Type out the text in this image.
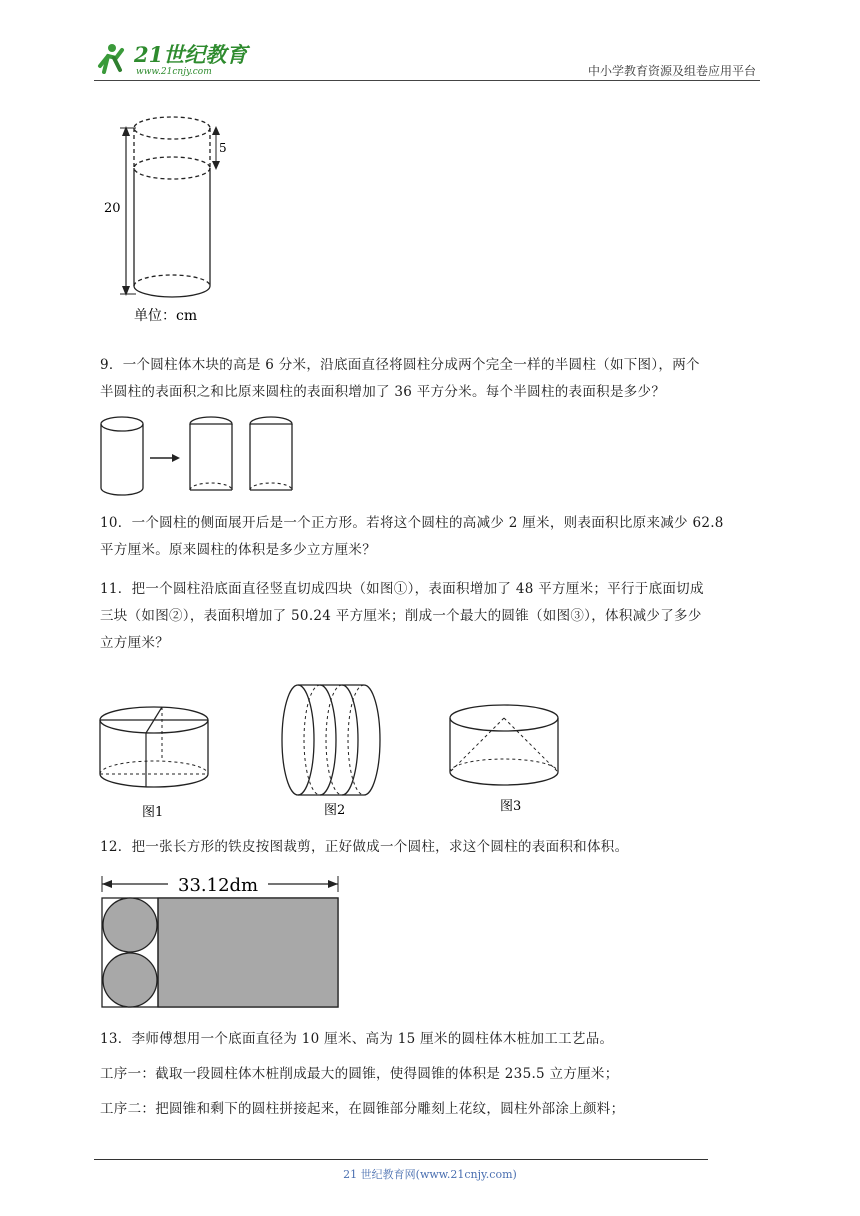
21世纪教育
www.21cnjy.com	中小学教育资源及组卷应用平台
20
5
单位：cm
9．一个圆柱体木块的高是 6 分米，沿底面直径将圆柱分成两个完全一样的半圆柱（如下图），两个
半圆柱的表面积之和比原来圆柱的表面积增加了 36 平方分米。每个半圆柱的表面积是多少？
10．一个圆柱的侧面展开后是一个正方形。若将这个圆柱的高减少 2 厘米，则表面积比原来减少 62.8
平方厘米。原来圆柱的体积是多少立方厘米？
11．把一个圆柱沿底面直径竖直切成四块（如图①），表面积增加了 48 平方厘米；平行于底面切成
三块（如图②），表面积增加了 50.24 平方厘米；削成一个最大的圆锥（如图③），体积减少了多少
立方厘米？
图1	图2	图3
12．把一张长方形的铁皮按图裁剪，正好做成一个圆柱，求这个圆柱的表面积和体积。
33.12dm
13．李师傅想用一个底面直径为 10 厘米、高为 15 厘米的圆柱体木桩加工工艺品。
工序一：截取一段圆柱体木桩削成最大的圆锥，使得圆锥的体积是 235.5 立方厘米；
工序二：把圆锥和剩下的圆柱拼接起来，在圆锥部分雕刻上花纹，圆柱外部涂上颜料；
21 世纪教育网(www.21cnjy.com)
